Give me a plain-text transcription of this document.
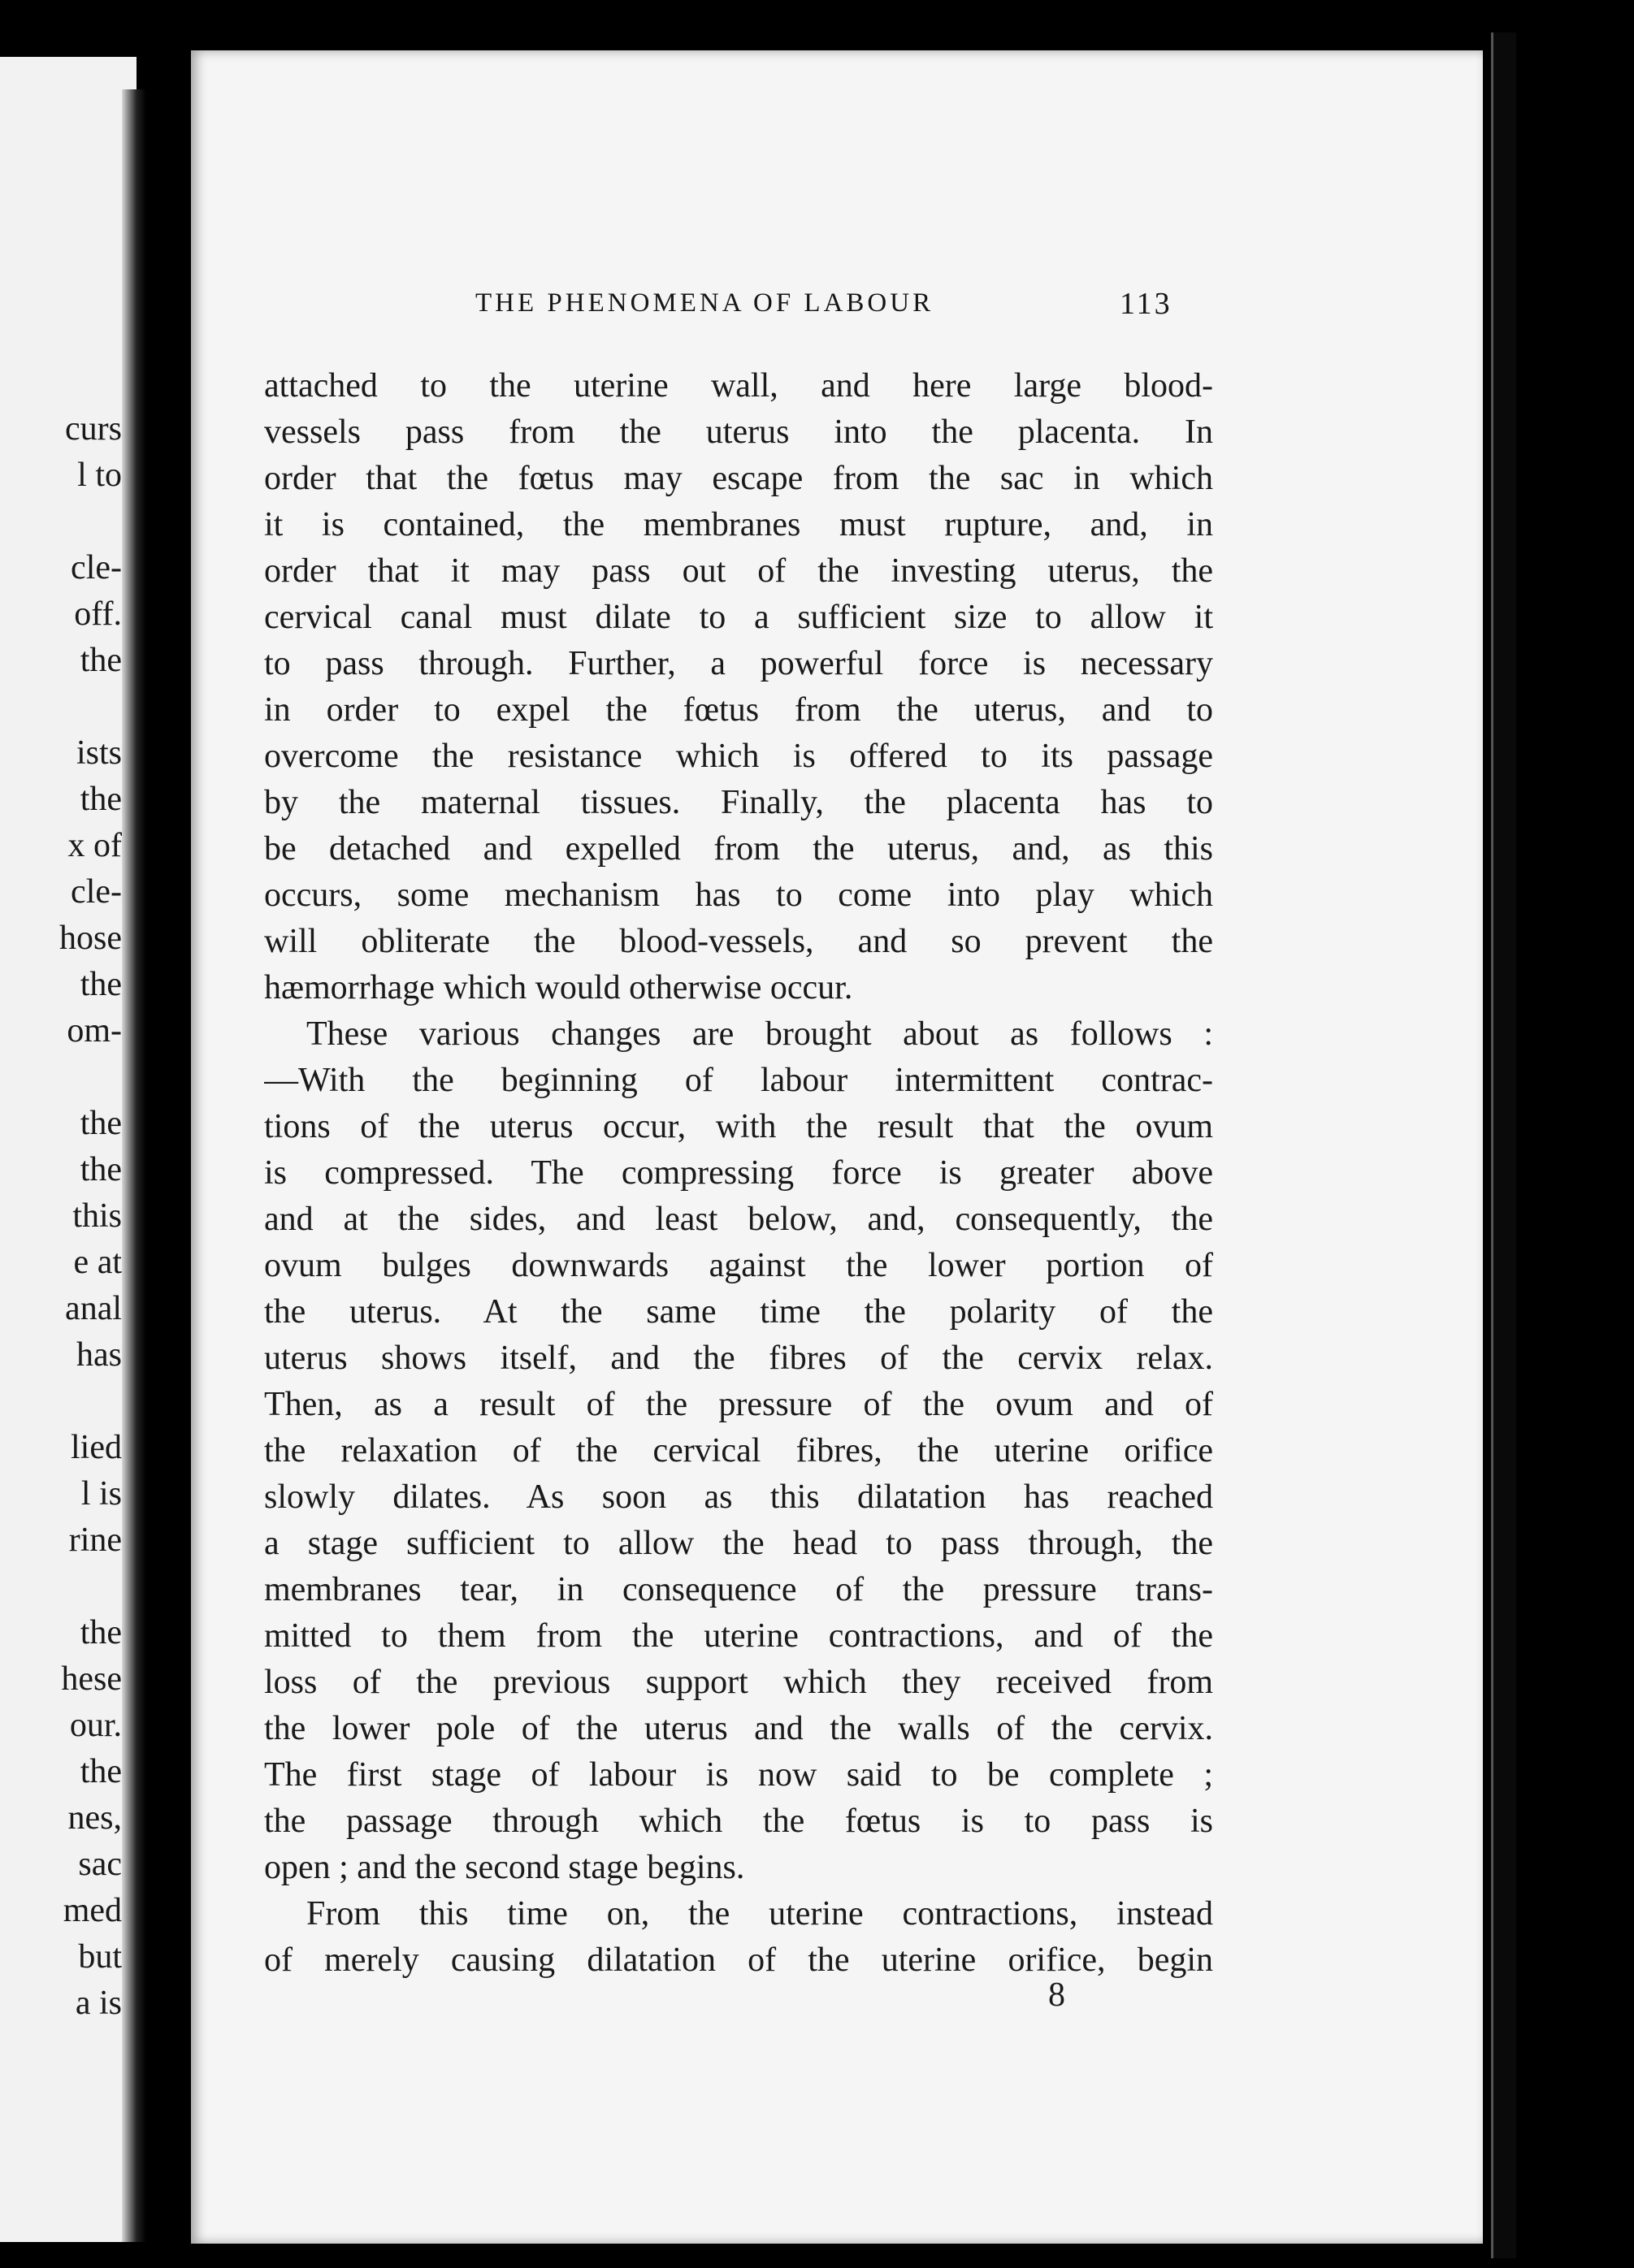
curs
l to
cle-
off.
the
ists
the
x of
cle-
hose
the
om-
the
the
this
e at
anal
has
lied
l is
rine
the
hese
our.
the
nes,
sac
med
but
a is
THE PHENOMENA OF LABOUR	113
attached to the uterine wall, and here large blood-
vessels pass from the uterus into the placenta. In
order that the fœtus may escape from the sac in which
it is contained, the membranes must rupture, and, in
order that it may pass out of the investing uterus, the
cervical canal must dilate to a sufficient size to allow it
to pass through. Further, a powerful force is necessary
in order to expel the fœtus from the uterus, and to
overcome the resistance which is offered to its passage
by the maternal tissues. Finally, the placenta has to
be detached and expelled from the uterus, and, as this
occurs, some mechanism has to come into play which
will obliterate the blood-vessels, and so prevent the
hæmorrhage which would otherwise occur.
These various changes are brought about as follows :
—With the beginning of labour intermittent contrac-
tions of the uterus occur, with the result that the ovum
is compressed. The compressing force is greater above
and at the sides, and least below, and, consequently, the
ovum bulges downwards against the lower portion of
the uterus. At the same time the polarity of the
uterus shows itself, and the fibres of the cervix relax.
Then, as a result of the pressure of the ovum and of
the relaxation of the cervical fibres, the uterine orifice
slowly dilates. As soon as this dilatation has reached
a stage sufficient to allow the head to pass through, the
membranes tear, in consequence of the pressure trans-
mitted to them from the uterine contractions, and of the
loss of the previous support which they received from
the lower pole of the uterus and the walls of the cervix.
The first stage of labour is now said to be complete ;
the passage through which the fœtus is to pass is
open ; and the second stage begins.
From this time on, the uterine contractions, instead
of merely causing dilatation of the uterine orifice, begin
8
